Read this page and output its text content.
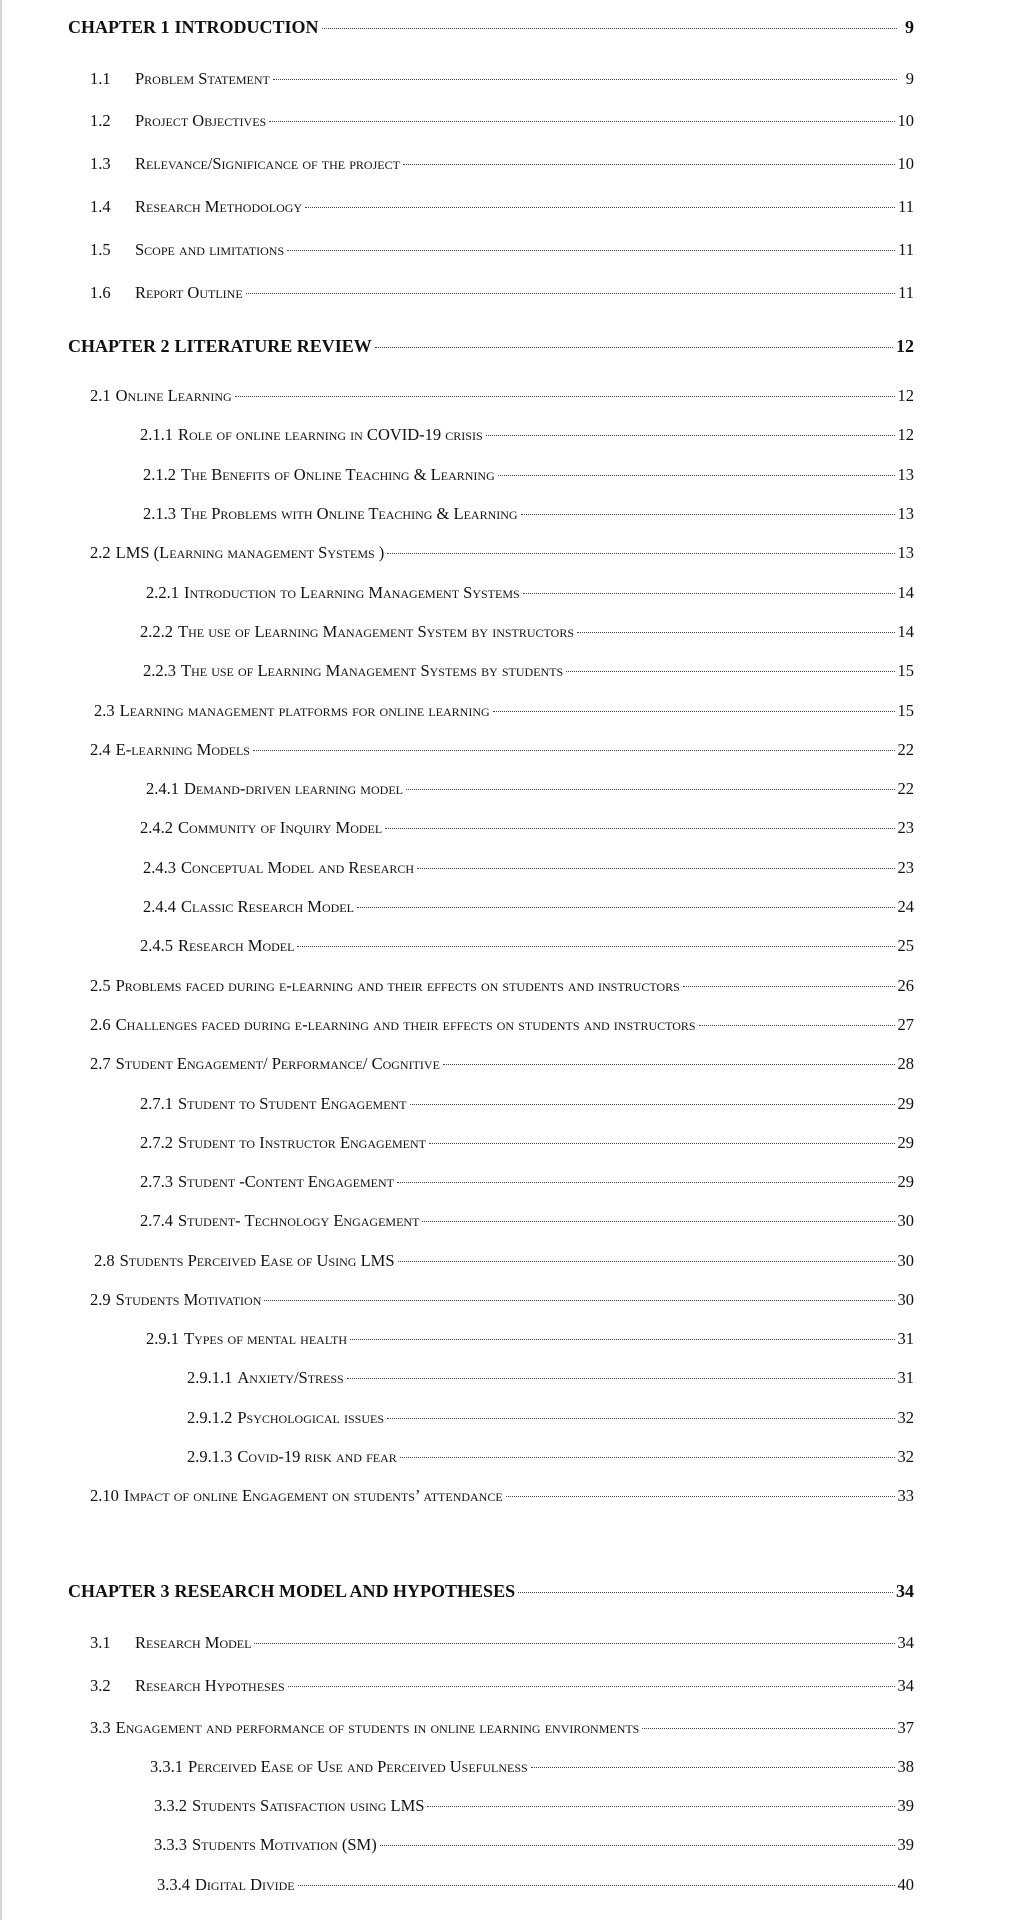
CHAPTER 1 INTRODUCTION	9
1.1	Problem Statement	9
1.2	Project Objectives	10
1.3	Relevance/Significance of the project	10
1.4	Research Methodology	11
1.5	Scope and limitations	11
1.6	Report Outline	11
CHAPTER 2 LITERATURE REVIEW	12
2.1 Online Learning	12
2.1.1 Role of online learning in COVID-19 crisis	12
2.1.2 The Benefits of Online Teaching & Learning	13
2.1.3 The Problems with Online Teaching & Learning	13
2.2 LMS (Learning management Systems )	13
2.2.1 Introduction to Learning Management Systems	14
2.2.2 The use of Learning Management System by instructors	14
2.2.3 The use of Learning Management Systems by students	15
2.3 Learning management platforms for online learning	15
2.4 E-learning Models	22
2.4.1 Demand-driven learning model	22
2.4.2 Community of Inquiry Model	23
2.4.3 Conceptual Model and Research	23
2.4.4 Classic Research Model	24
2.4.5 Research Model	25
2.5 Problems faced during e-learning and their effects on students and instructors	26
2.6 Challenges faced during e-learning and their effects on students and instructors	27
2.7 Student Engagement/ Performance/ Cognitive	28
2.7.1 Student to Student Engagement	29
2.7.2 Student to Instructor Engagement	29
2.7.3 Student -Content Engagement	29
2.7.4 Student- Technology Engagement	30
2.8 Students Perceived Ease of Using LMS	30
2.9 Students Motivation	30
2.9.1 Types of mental health	31
2.9.1.1 Anxiety/Stress	31
2.9.1.2 Psychological issues	32
2.9.1.3 Covid-19 risk and fear	32
2.10 Impact of online Engagement on students’ attendance	33
CHAPTER 3 RESEARCH MODEL AND HYPOTHESES	34
3.1	Research Model	34
3.2	Research Hypotheses	34
3.3 Engagement and performance of students in online learning environments	37
3.3.1 Perceived Ease of Use and Perceived Usefulness	38
3.3.2 Students Satisfaction using LMS	39
3.3.3 Students Motivation (SM)	39
3.3.4 Digital Divide	40
